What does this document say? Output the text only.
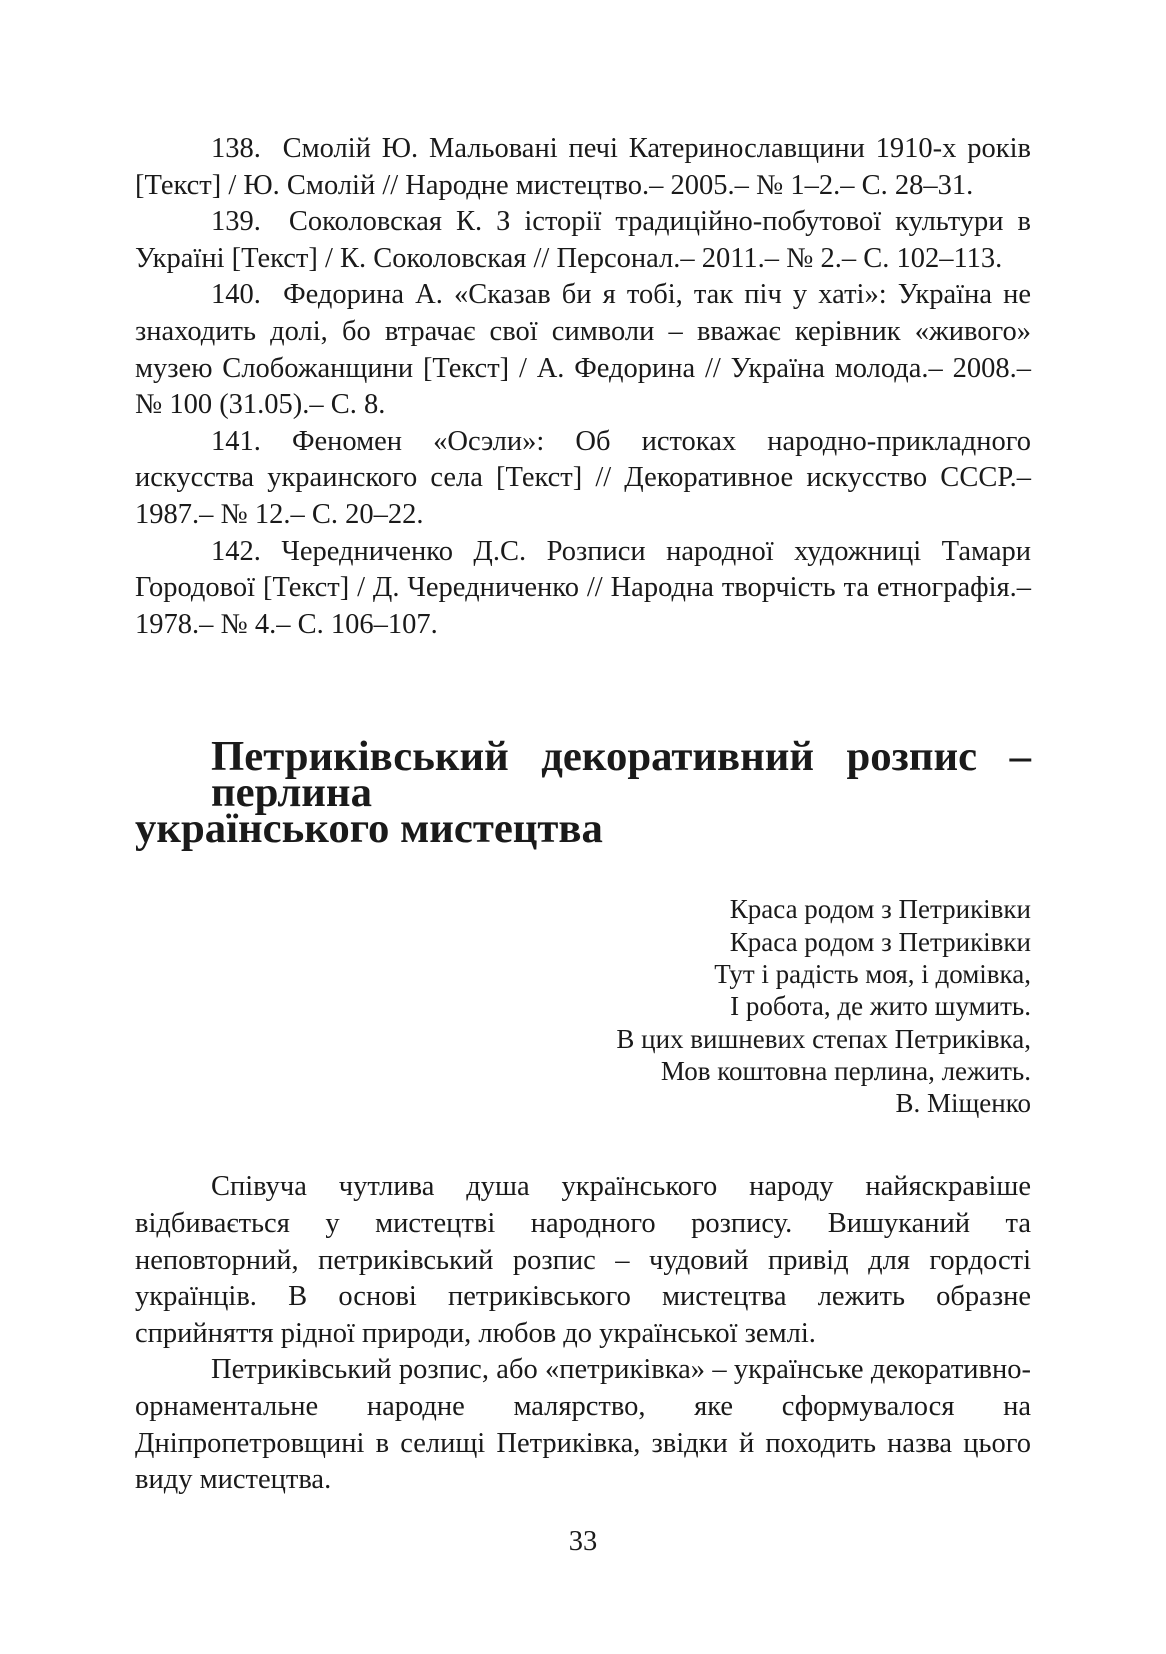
138.  Смолій Ю. Мальовані печі Катеринославщини 1910-х років [Текст] / Ю. Смолій // Народне мистецтво.– 2005.– № 1–2.– С. 28–31.

139.  Соколовская К. З історії традиційно-побутової культури в Україні [Текст] / К. Соколовская // Персонал.– 2011.– № 2.– С. 102–113.

140.  Федорина А. «Сказав би я тобі, так піч у хаті»: Україна не знаходить долі, бо втрачає свої символи – вважає керівник «живого» музею Слобожанщини [Текст] / А. Федорина // Україна молода.– 2008.– № 100 (31.05).– С. 8.

141. Феномен «Осэли»: Об истоках народно-прикладного искусства украинского села [Текст] // Декоративное искусство СССР.– 1987.– № 12.– С. 20–22.

142. Чередниченко Д.С. Розписи народної художниці Тамари Городової [Текст] / Д. Чередниченко // Народна творчість та етнографія.– 1978.– № 4.– С. 106–107.

Петриківський декоративний розпис – перлина
українського мистецтва
Краса родом з Петриківки
Краса родом з Петриківки
Тут і радість моя, і домівка,
І робота, де жито шумить.
В цих вишневих степах Петриківка,
Мов коштовна перлина, лежить.
В. Міщенко

Співуча чутлива душа українського народу найяскравіше відбивається у мистецтві народного розпису. Вишуканий та неповторний, петриківський розпис – чудовий привід для гордості українців. В основі петриківського мистецтва лежить образне сприйняття рідної природи, любов до української землі.

Петриківський розпис, або «петриківка» – українське декоративно-орнаментальне народне малярство, яке сформувалося на Дніпропетровщині в селищі Петриківка, звідки й походить назва цього виду мистецтва.

33
